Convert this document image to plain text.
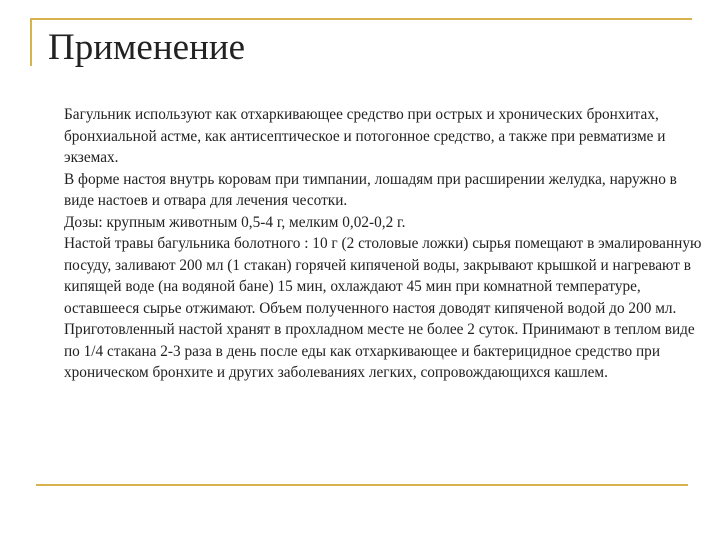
Применение

Багульник используют как отхаркивающее средство при острых и хронических бронхитах, бронхиальной астме, как антисептическое и потогонное средство, а также при ревматизме и экземах.

В форме настоя внутрь коровам при тимпании, лошадям при расширении желудка, наружно в виде настоев и отвара для лечения чесотки.

Дозы: крупным животным 0,5-4 г, мелким 0,02-0,2 г.

Настой травы багульника болотного : 10 г (2 столовые ложки) сырья помещают в эмалированную посуду, заливают 200 мл (1 стакан) горячей кипяченой воды, закрывают крышкой и нагревают в кипящей воде (на водяной бане) 15 мин, охлаждают 45 мин при комнатной температуре, оставшееся сырье отжимают. Объем полученного настоя доводят кипяченой водой до 200 мл. Приготовленный настой хранят в прохладном месте не более 2 суток. Принимают в теплом виде по 1/4 стакана 2-3 раза в день после еды как отхаркивающее и бактерицидное средство при хроническом бронхите и других заболеваниях легких, сопровождающихся кашлем.
